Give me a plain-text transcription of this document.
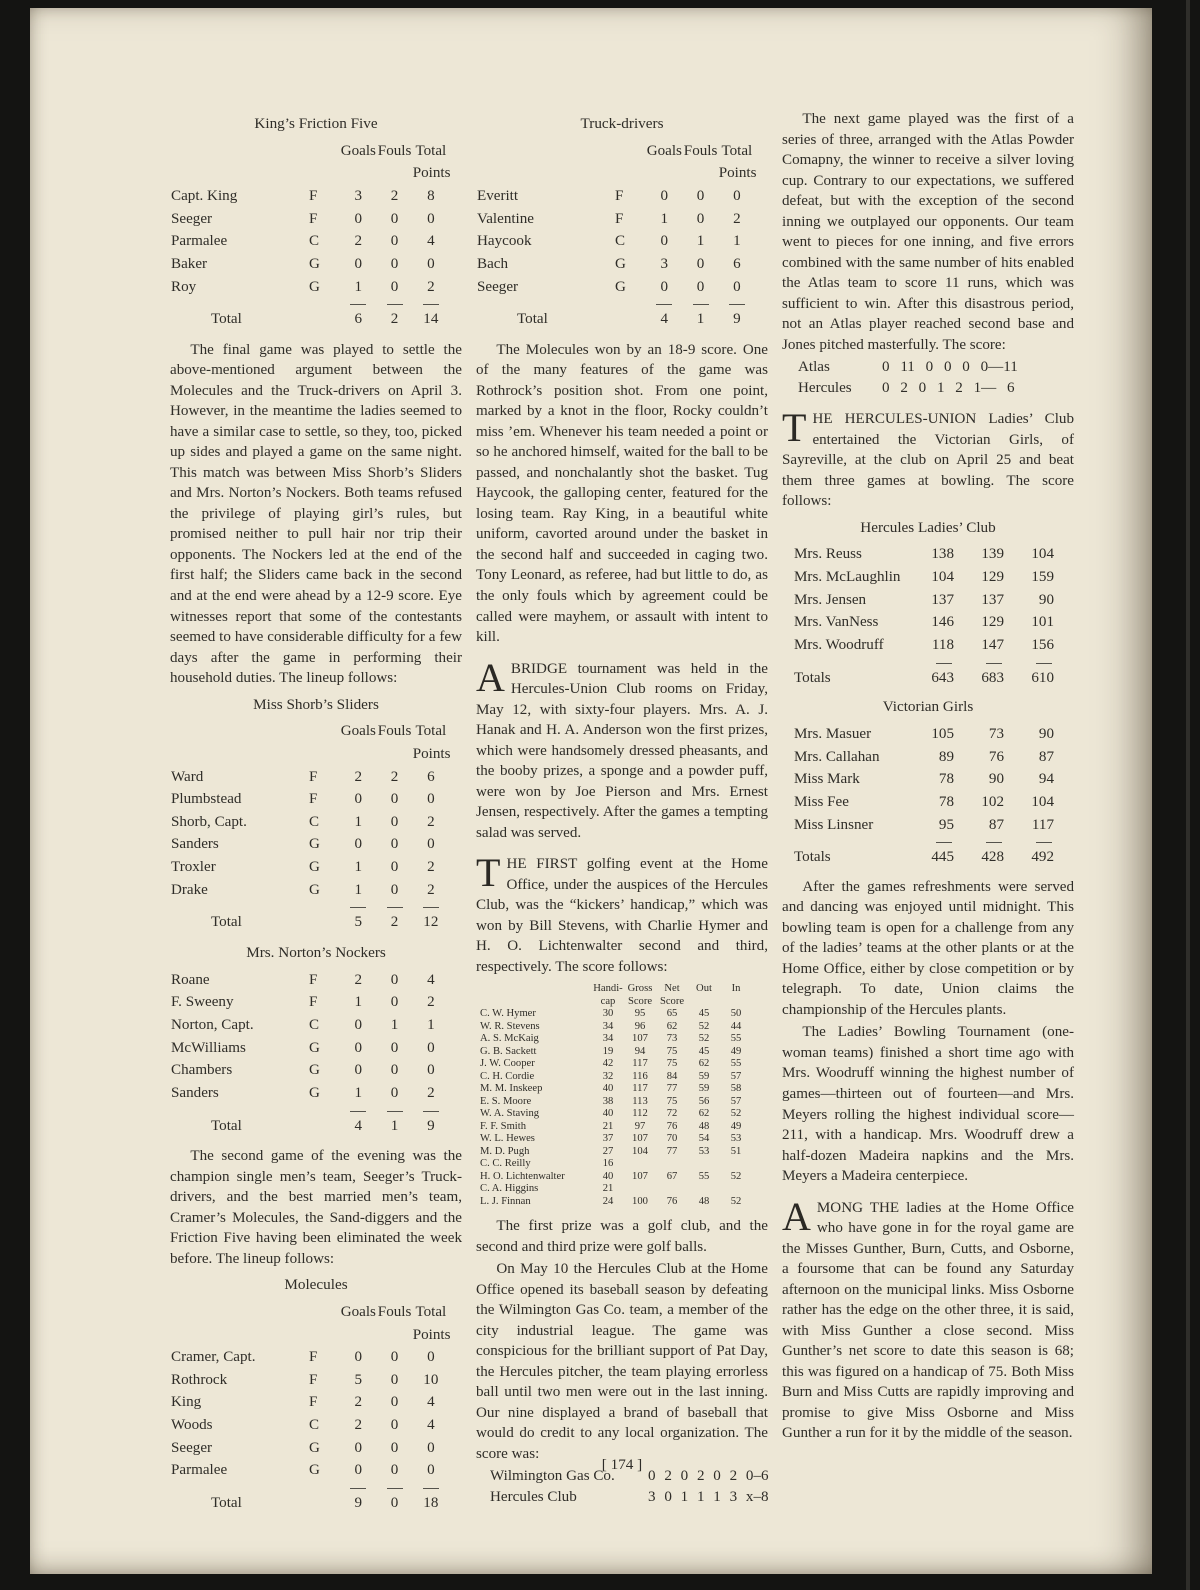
King’s Friction Five
		Goals	Fouls	Total
				Points
Capt. King	F	3	2	8
Seeger	F	0	0	0
Parmalee	C	2	0	4
Baker	G	0	0	0
Roy	G	1	0	2

Total		6	2	14

The final game was played to settle the above-mentioned argument between the Molecules and the Truck-drivers on April 3. However, in the meantime the ladies seemed to have a similar case to settle, so they, too, picked up sides and played a game on the same night. This match was between Miss Shorb’s Sliders and Mrs. Norton’s Nockers. Both teams refused the privilege of playing girl’s rules, but promised neither to pull hair nor trip their opponents. The Nockers led at the end of the first half; the Sliders came back in the second and at the end were ahead by a 12-9 score. Eye witnesses report that some of the contestants seemed to have considerable difficulty for a few days after the game in performing their household duties. The lineup follows:

Miss Shorb’s Sliders
		Goals	Fouls	Total
				Points
Ward	F	2	2	6
Plumbstead	F	0	0	0
Shorb, Capt.	C	1	0	2
Sanders	G	0	0	0
Troxler	G	1	0	2
Drake	G	1	0	2

Total		5	2	12
Mrs. Norton’s Nockers
Roane	F	2	0	4
F. Sweeny	F	1	0	2
Norton, Capt.	C	0	1	1
McWilliams	G	0	0	0
Chambers	G	0	0	0
Sanders	G	1	0	2

Total		4	1	9

The second game of the evening was the champion single men’s team, Seeger’s Truck-drivers, and the best married men’s team, Cramer’s Molecules, the Sand-diggers and the Friction Five having been eliminated the week before. The lineup follows:

Molecules
		Goals	Fouls	Total
				Points
Cramer, Capt.	F	0	0	0
Rothrock	F	5	0	10
King	F	2	0	4
Woods	C	2	0	4
Seeger	G	0	0	0
Parmalee	G	0	0	0

Total		9	0	18
Truck-drivers
		Goals	Fouls	Total
				Points
Everitt	F	0	0	0
Valentine	F	1	0	2
Haycook	C	0	1	1
Bach	G	3	0	6
Seeger	G	0	0	0

Total		4	1	9

The Molecules won by an 18-9 score. One of the many features of the game was Rothrock’s position shot. From one point, marked by a knot in the floor, Rocky couldn’t miss ’em. Whenever his team needed a point or so he anchored himself, waited for the ball to be passed, and nonchalantly shot the basket. Tug Haycook, the galloping center, featured for the losing team. Ray King, in a beautiful white uniform, cavorted around under the basket in the second half and succeeded in caging two. Tony Leonard, as referee, had but little to do, as the only fouls which by agreement could be called were mayhem, or assault with intent to kill.

ABRIDGE tournament was held in the Hercules-Union Club rooms on Friday, May 12, with sixty-four players. Mrs. A. J. Hanak and H. A. Anderson won the first prizes, which were handsomely dressed pheasants, and the booby prizes, a sponge and a powder puff, were won by Joe Pierson and Mrs. Ernest Jensen, respectively. After the games a tempting salad was served.
THE FIRST golfing event at the Home Office, under the auspices of the Hercules Club, was the “kickers’ handicap,” which was won by Bill Stevens, with Charlie Hymer and H. O. Lichtenwalter second and third, respectively. The score follows:
	Handi-	Gross	Net	Out	In
	cap	Score	Score		
C. W. Hymer	30	95	65	45	50
W. R. Stevens	34	96	62	52	44
A. S. McKaig	34	107	73	52	55
G. B. Sackett	19	94	75	45	49
J. W. Cooper	42	117	75	62	55
C. H. Cordie	32	116	84	59	57
M. M. Inskeep	40	117	77	59	58
E. S. Moore	38	113	75	56	57
W. A. Staving	40	112	72	62	52
F. F. Smith	21	97	76	48	49
W. L. Hewes	37	107	70	54	53
M. D. Pugh	27	104	77	53	51
C. C. Reilly	16				
H. O. Lichtenwalter	40	107	67	55	52
C. A. Higgins	21				
L. J. Finnan	24	100	76	48	52

The first prize was a golf club, and the second and third prize were golf balls.

On May 10 the Hercules Club at the Home Office opened its baseball season by defeating the Wilmington Gas Co. team, a member of the city industrial league. The game was conspicious for the brilliant support of Pat Day, the Hercules pitcher, the team playing errorless ball until two men were out in the last inning. Our nine displayed a brand of baseball that would do credit to any local organization. The score was:

Wilmington Gas Co.	0 2 0 2 0 2 0–6
Hercules Club	3 0 1 1 1 3 x–8

The next game played was the first of a series of three, arranged with the Atlas Powder Comapny, the winner to receive a silver loving cup. Contrary to our expectations, we suffered defeat, but with the exception of the second inning we outplayed our opponents. Our team went to pieces for one inning, and five errors combined with the same number of hits enabled the Atlas team to score 11 runs, which was sufficient to win. After this disastrous period, not an Atlas player reached second base and Jones pitched masterfully. The score:

Atlas	0 11 0 0 0 0—11
Hercules	0 2 0 1 2 1— 6
THE HERCULES-UNION Ladies’ Club entertained the Victorian Girls, of Sayreville, at the club on April 25 and beat them three games at bowling. The score follows:
Hercules Ladies’ Club
Mrs. Reuss	138	139	104
Mrs. McLaughlin	104	129	159
Mrs. Jensen	137	137	90
Mrs. VanNess	146	129	101
Mrs. Woodruff	118	147	156

Totals	643	683	610
Victorian Girls
Mrs. Masuer	105	73	90
Mrs. Callahan	89	76	87
Miss Mark	78	90	94
Miss Fee	78	102	104
Miss Linsner	95	87	117

Totals	445	428	492

After the games refreshments were served and dancing was enjoyed until midnight. This bowling team is open for a challenge from any of the ladies’ teams at the other plants or at the Home Office, either by close competition or by telegraph. To date, Union claims the championship of the Hercules plants.

The Ladies’ Bowling Tournament (one-woman teams) finished a short time ago with Mrs. Woodruff winning the highest number of games—thirteen out of fourteen—and Mrs. Meyers rolling the highest individual score—211, with a handicap. Mrs. Woodruff drew a half-dozen Madeira napkins and the Mrs. Meyers a Madeira centerpiece.

AMONG THE ladies at the Home Office who have gone in for the royal game are the Misses Gunther, Burn, Cutts, and Osborne, a foursome that can be found any Saturday afternoon on the municipal links. Miss Osborne rather has the edge on the other three, it is said, with Miss Gunther a close second. Miss Gunther’s net score to date this season is 68; this was figured on a handicap of 75. Both Miss Burn and Miss Cutts are rapidly improving and promise to give Miss Osborne and Miss Gunther a run for it by the middle of the season.
[ 174 ]
